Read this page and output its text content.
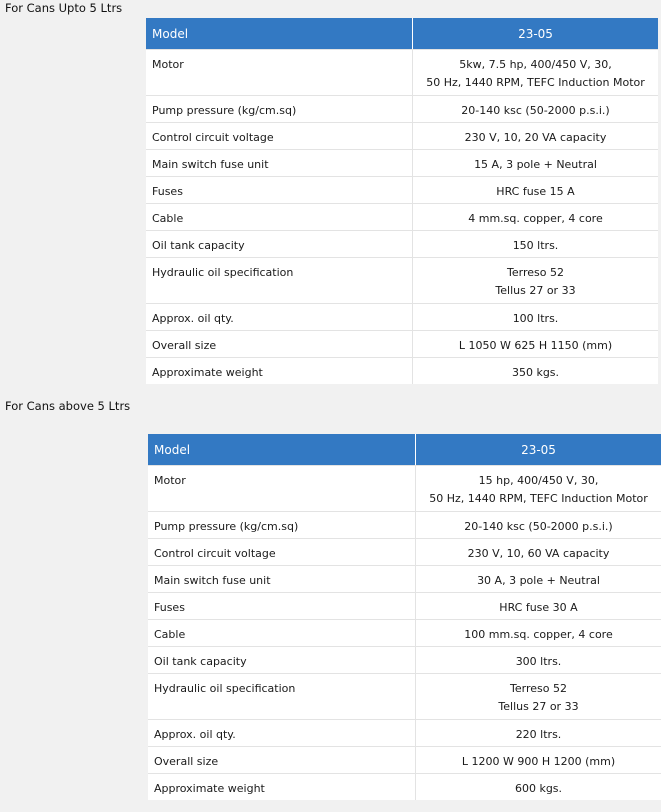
For Cans Upto 5 Ltrs
Model	23-05
Motor	5kw, 7.5 hp, 400/450 V, 30,
50 Hz, 1440 RPM, TEFC Induction Motor

Pump pressure (kg/cm.sq)	20-140 ksc (50-2000 p.s.i.)
Control circuit voltage	230 V, 10, 20 VA capacity
Main switch fuse unit	15 A, 3 pole + Neutral
Fuses	HRC fuse 15 A
Cable	4 mm.sq. copper, 4 core
Oil tank capacity	150 ltrs.
Hydraulic oil specification	Terreso 52
Tellus 27 or 33

Approx. oil qty.	100 ltrs.
Overall size	L 1050 W 625 H 1150 (mm)
Approximate weight	350 kgs.
For Cans above 5 Ltrs
Model	23-05
Motor	15 hp, 400/450 V, 30,
50 Hz, 1440 RPM, TEFC Induction Motor

Pump pressure (kg/cm.sq)	20-140 ksc (50-2000 p.s.i.)
Control circuit voltage	230 V, 10, 60 VA capacity
Main switch fuse unit	30 A, 3 pole + Neutral
Fuses	HRC fuse 30 A
Cable	100 mm.sq. copper, 4 core
Oil tank capacity	300 ltrs.
Hydraulic oil specification	Terreso 52
Tellus 27 or 33

Approx. oil qty.	220 ltrs.
Overall size	L 1200 W 900 H 1200 (mm)
Approximate weight	600 kgs.
